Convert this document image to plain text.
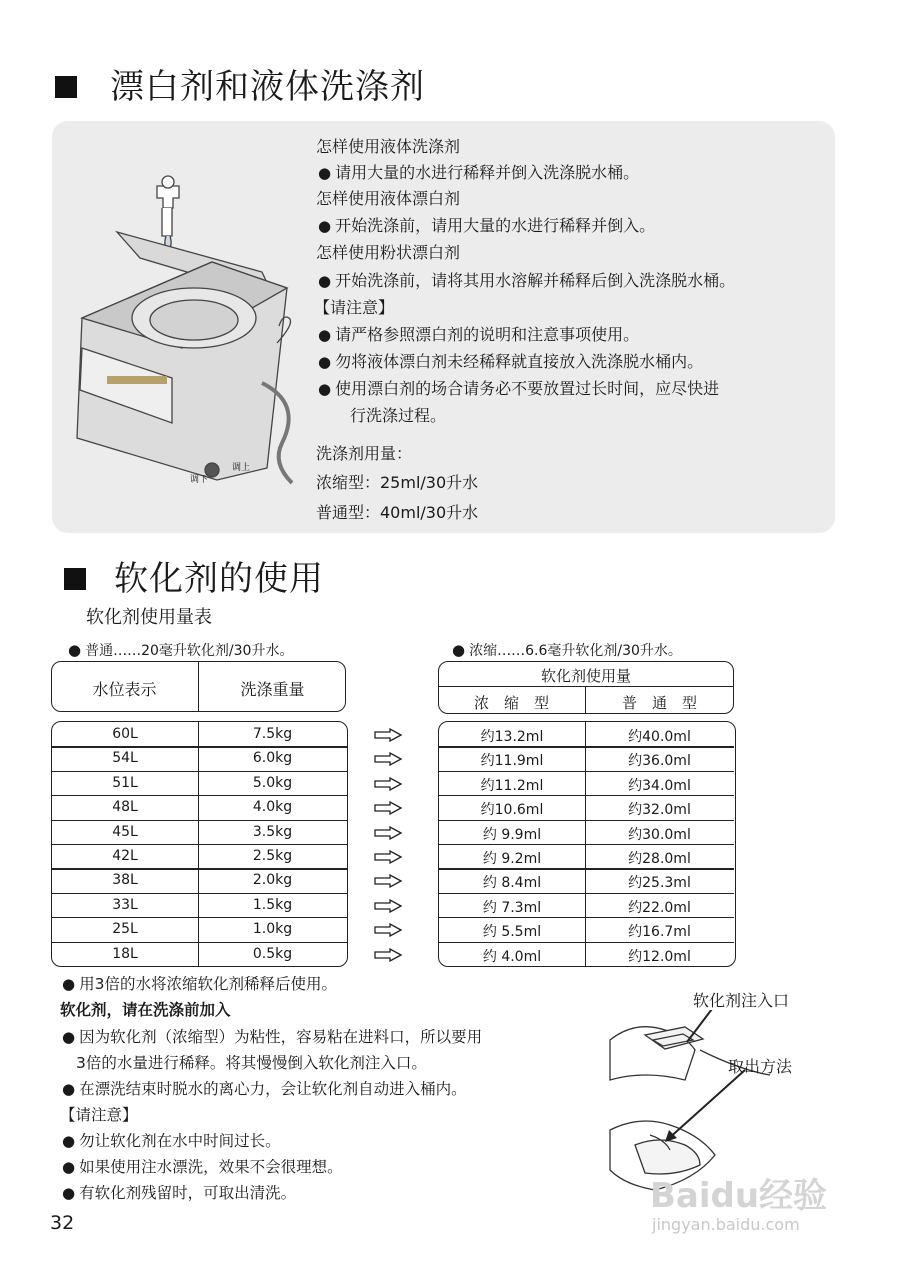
漂白剂和液体洗涤剂
调下
调上
怎样使用液体洗涤剂
● 请用大量的水进行稀释并倒入洗涤脱水桶。
怎样使用液体漂白剂
● 开始洗涤前，请用大量的水进行稀释并倒入。
怎样使用粉状漂白剂
● 开始洗涤前，请将其用水溶解并稀释后倒入洗涤脱水桶。
【请注意】
● 请严格参照漂白剂的说明和注意事项使用。
● 勿将液体漂白剂未经稀释就直接放入洗涤脱水桶内。
● 使用漂白剂的场合请务必不要放置过长时间，应尽快进
行洗涤过程。
洗涤剂用量：
浓缩型：25ml/30升水
普通型：40ml/30升水
软化剂的使用
软化剂使用量表
● 普通……20毫升软化剂/30升水。	● 浓缩……6.6毫升软化剂/30升水。
水位表示	洗涤重量
软化剂使用量
浓　缩　型	普　通　型
60L	7.5kg	约13.2ml	约40.0ml
54L	6.0kg	约11.9ml	约36.0ml
51L	5.0kg	约11.2ml	约34.0ml
48L	4.0kg	约10.6ml	约32.0ml
45L	3.5kg	约 9.9ml	约30.0ml
42L	2.5kg	约 9.2ml	约28.0ml
38L	2.0kg	约 8.4ml	约25.3ml
33L	1.5kg	约 7.3ml	约22.0ml
25L	1.0kg	约 5.5ml	约16.7ml
18L	0.5kg	约 4.0ml	约12.0ml
● 用3倍的水将浓缩软化剂稀释后使用。
软化剂，请在洗涤前加入
● 因为软化剂（浓缩型）为粘性，容易粘在进料口，所以要用
3倍的水量进行稀释。将其慢慢倒入软化剂注入口。
● 在漂洗结束时脱水的离心力，会让软化剂自动进入桶内。
【请注意】
● 勿让软化剂在水中时间过长。
● 如果使用注水漂洗，效果不会很理想。
● 有软化剂残留时，可取出清洗。
软化剂注入口
取出方法
Baidu经验
jingyan.baidu.com
32
